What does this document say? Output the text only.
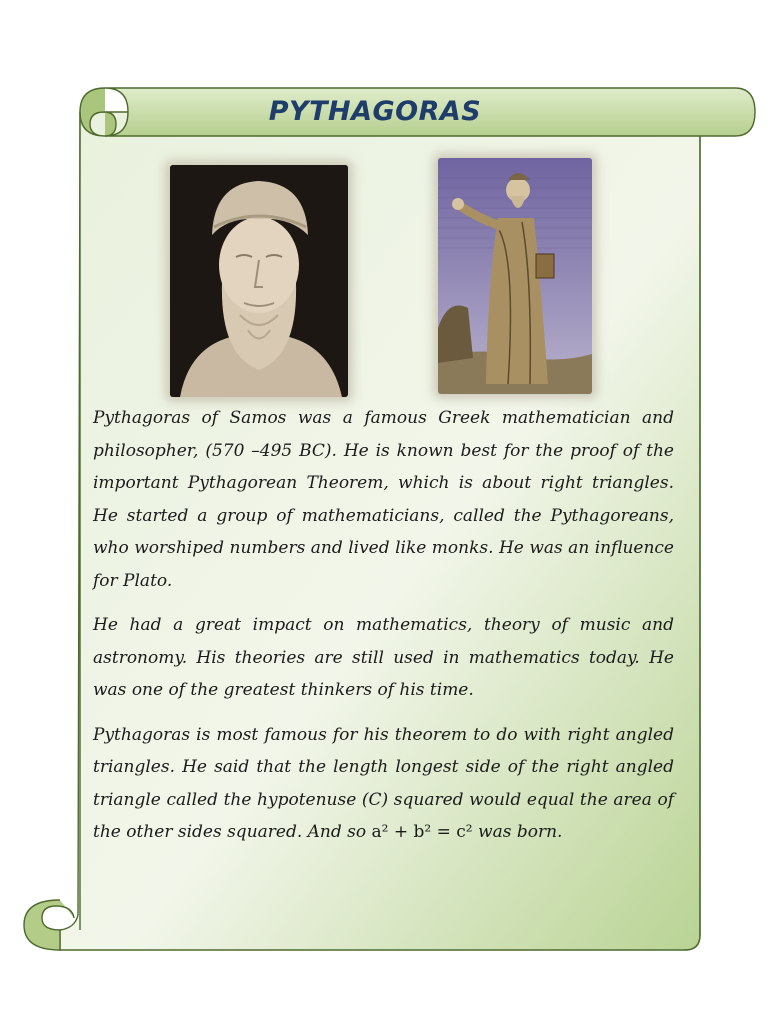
PYTHAGORAS

Pythagoras of Samos was a famous Greek mathematician and philosopher, (570 –495 BC). He is known best for the proof of the important Pythagorean Theorem, which is about right triangles. He started a group of mathematicians, called the Pythagoreans, who worshiped numbers and lived like monks. He was an influence for Plato.

He had a great impact on mathematics, theory of music and astronomy. His theories are still used in mathematics today. He was one of the greatest thinkers of his time.

Pythagoras is most famous for his theorem to do with right angled triangles. He said that the length longest side of the right angled triangle called the hypotenuse (C) squared would equal the area of the other sides squared. And so a² + b² = c² was born.
